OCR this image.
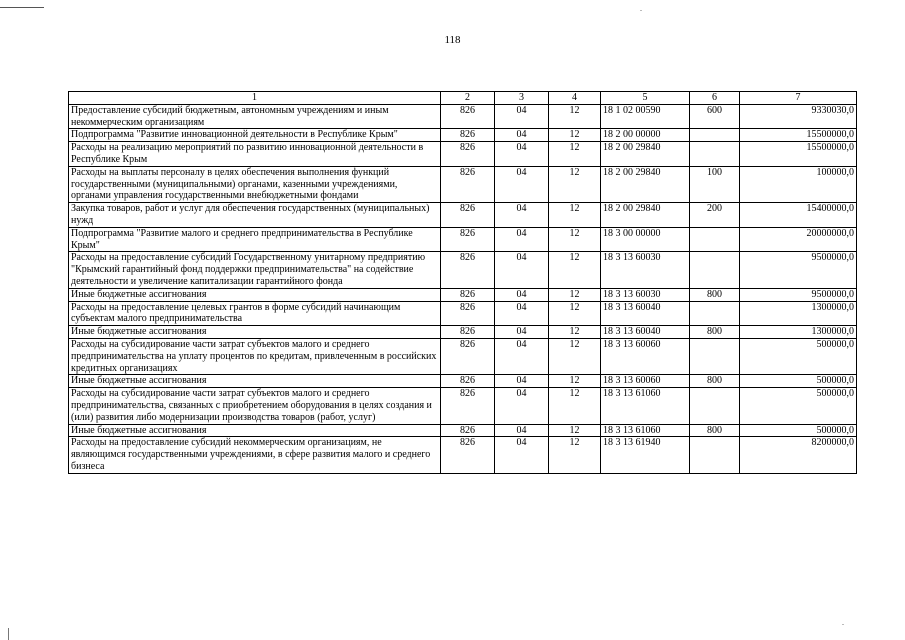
118
1	2	3	4	5	6	7
Предоставление субсидий бюджетным, автономным учреждениям и иным некоммерческим организациям	826	04	12	18 1 02 00590	600	9330030,0
Подпрограмма "Развитие инновационной деятельности в Республике Крым"	826	04	12	18 2 00 00000		15500000,0
Расходы на реализацию мероприятий по развитию инновационной деятельности в Республике Крым	826	04	12	18 2 00 29840		15500000,0
Расходы на выплаты персоналу в целях обеспечения выполнения функций государственными (муниципальными) органами, казенными учреждениями, органами управления государственными внебюджетными фондами	826	04	12	18 2 00 29840	100	100000,0
Закупка товаров, работ и услуг для обеспечения государственных (муниципальных) нужд	826	04	12	18 2 00 29840	200	15400000,0
Подпрограмма "Развитие малого и среднего предпринимательства в Республике Крым"	826	04	12	18 3 00 00000		20000000,0
Расходы на предоставление субсидий Государственному унитарному предприятию "Крымский гарантийный фонд поддержки предпринимательства" на содействие деятельности и увеличение капитализации гарантийного фонда	826	04	12	18 3 13 60030		9500000,0
Иные бюджетные ассигнования	826	04	12	18 3 13 60030	800	9500000,0
Расходы на предоставление целевых грантов в форме субсидий начинающим субъектам малого предпринимательства	826	04	12	18 3 13 60040		1300000,0
Иные бюджетные ассигнования	826	04	12	18 3 13 60040	800	1300000,0
Расходы на субсидирование части затрат субъектов малого и среднего предпринимательства на уплату процентов по кредитам, привлеченным в российских кредитных организациях	826	04	12	18 3 13 60060		500000,0
Иные бюджетные ассигнования	826	04	12	18 3 13 60060	800	500000,0
Расходы на субсидирование части затрат субъектов малого и среднего предпринимательства, связанных с приобретением оборудования в целях создания и (или) развития либо модернизации производства товаров (работ, услуг)	826	04	12	18 3 13 61060		500000,0
Иные бюджетные ассигнования	826	04	12	18 3 13 61060	800	500000,0
Расходы на предоставление субсидий некоммерческим организациям, не являющимся государственными учреждениями, в сфере развития малого и среднего бизнеса	826	04	12	18 3 13 61940		8200000,0
